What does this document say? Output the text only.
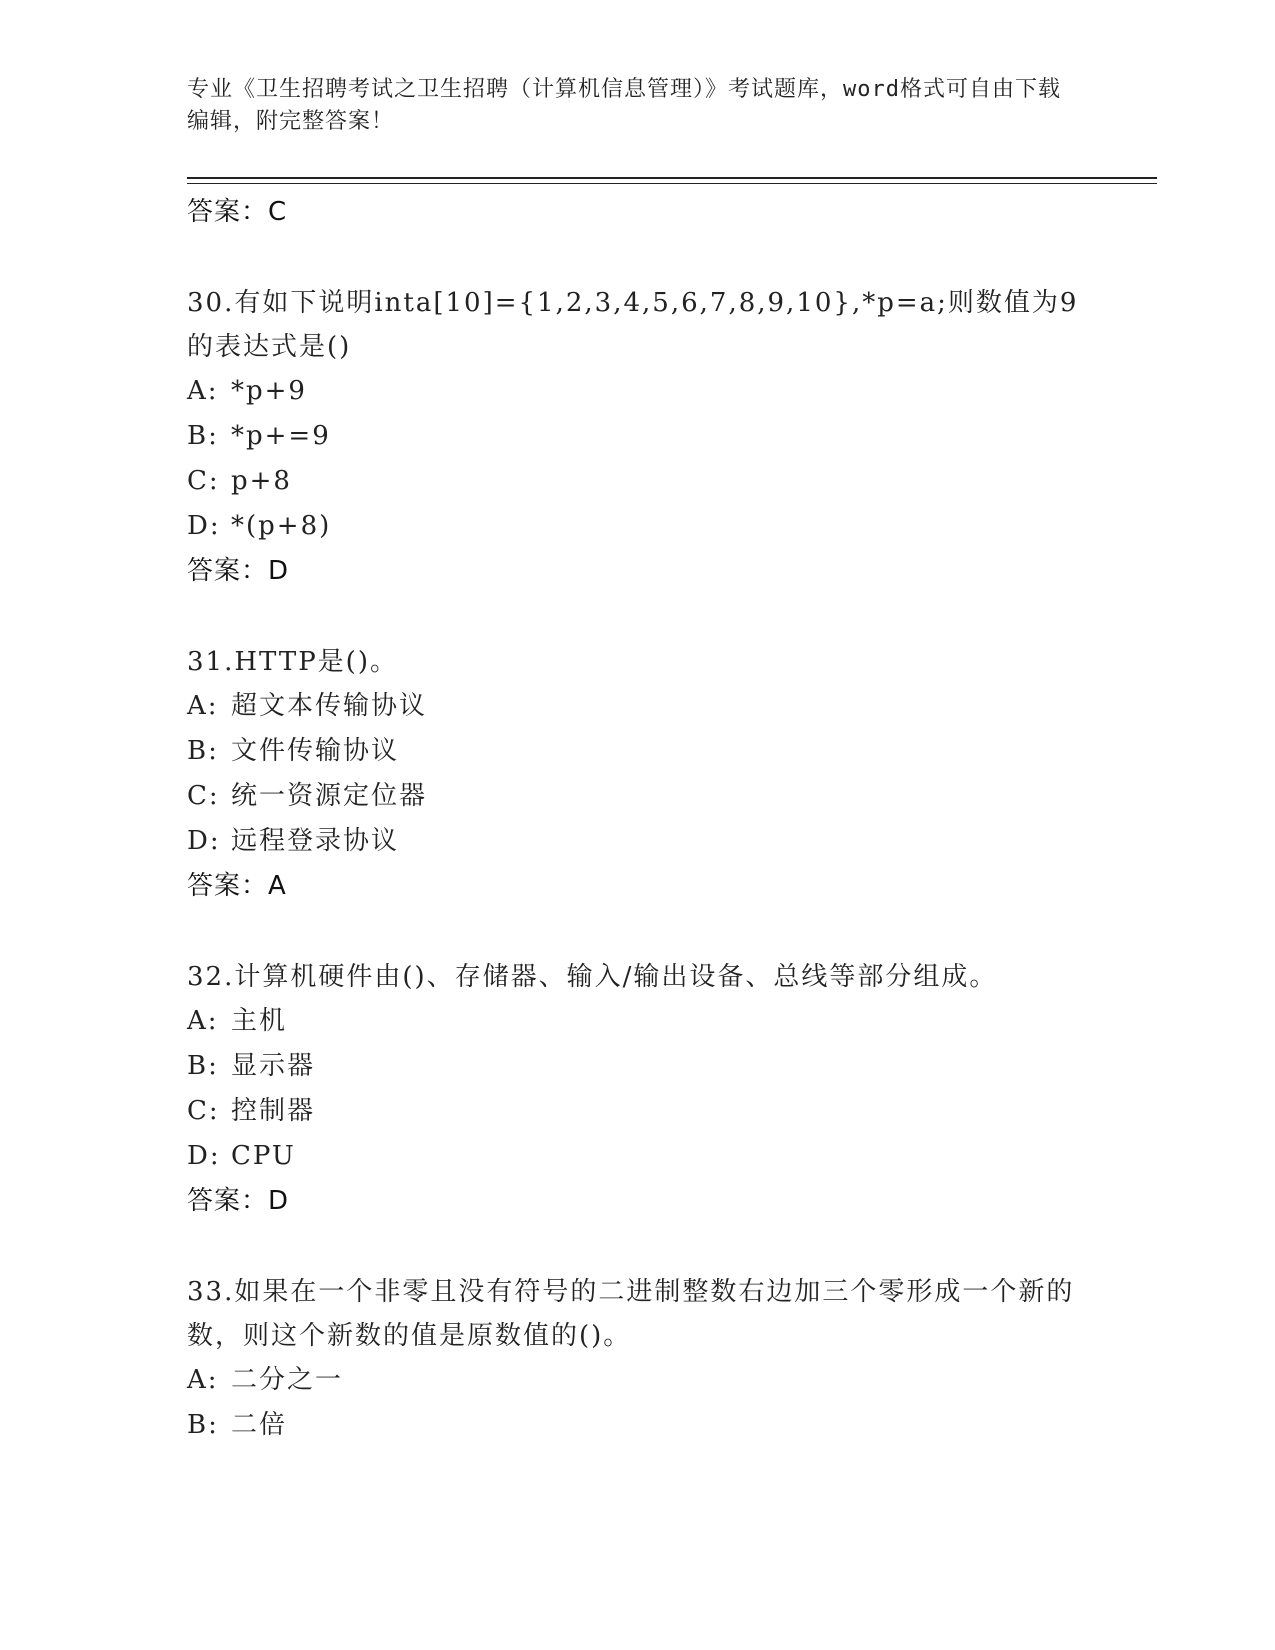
专业《卫生招聘考试之卫生招聘（计算机信息管理）》考试题库，word格式可自由下载编辑，附完整答案！
答案：C
30.有如下说明inta[10]={1,2,3,4,5,6,7,8,9,10},*p=a;则数值为9的表达式是()
A: *p+9
B: *p+=9
C: p+8
D: *(p+8)
答案：D
31.HTTP是()。
A: 超文本传输协议
B: 文件传输协议
C: 统一资源定位器
D: 远程登录协议
答案：A
32.计算机硬件由()、存储器、输入/输出设备、总线等部分组成。
A: 主机
B: 显示器
C: 控制器
D: CPU
答案：D
33.如果在一个非零且没有符号的二进制整数右边加三个零形成一个新的数，则这个新数的值是原数值的()。
A: 二分之一
B: 二倍
